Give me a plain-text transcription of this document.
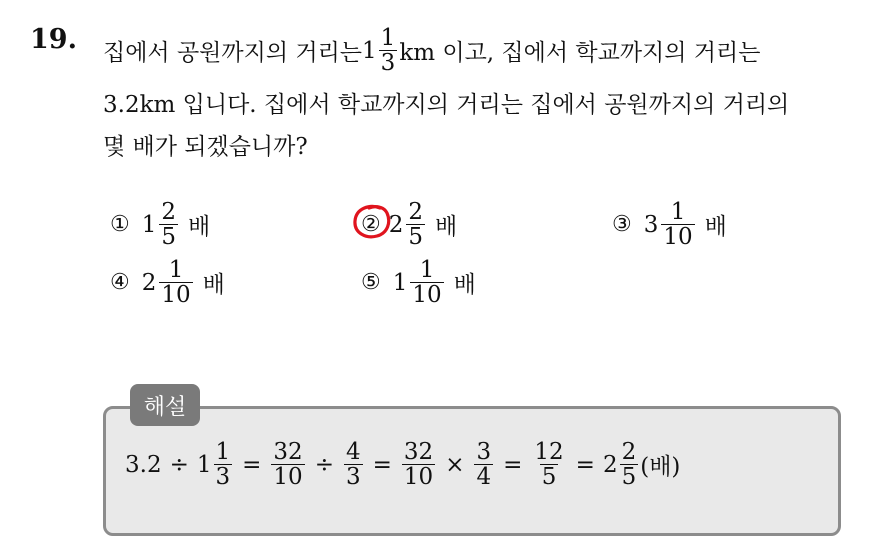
19. 집에서 공원까지의 거리는 $1 \frac{1}{3}$ km 이고, 집에서 학교까지의 거리는
3.2km 입니다. 집에서 학교까지의 거리는 집에서 공원까지의 거리의
몇 배가 되겠습니까?
① $1 \frac{2}{5}$ 배	② $2 \frac{2}{5}$ 배	③ $3 \frac{1}{10}$ 배
④ $2 \frac{1}{10}$ 배	⑤ $1 \frac{1}{10}$ 배
해설
$3.2 \div 1 \frac{1}{3} = \frac{32}{10} \div \frac{4}{3} = \frac{32}{10} \times \frac{3}{4} = \frac{12}{5} = 2 \frac{2}{5}$ (배)
